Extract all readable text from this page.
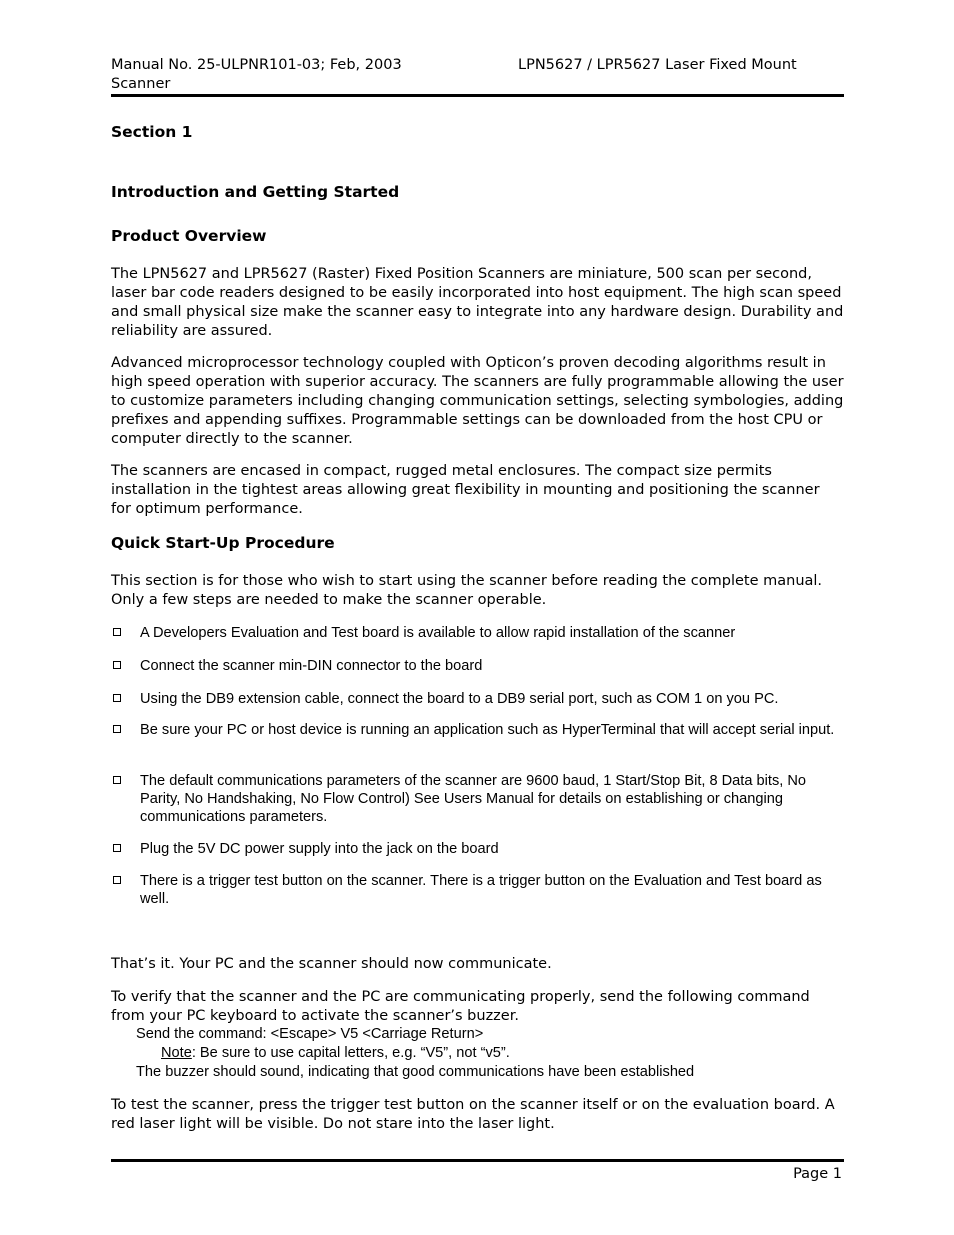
Manual No. 25-ULPNR101-03; Feb, 2003
Scanner
LPN5627 / LPR5627 Laser Fixed Mount
Section 1
Introduction and Getting Started
Product Overview
The LPN5627 and LPR5627 (Raster) Fixed Position Scanners are miniature, 500 scan per second, laser bar code readers designed to be easily incorporated into host equipment. The high scan speed and small physical size make the scanner easy to integrate into any hardware design. Durability and reliability are assured.
Advanced microprocessor technology coupled with Opticon’s proven decoding algorithms result in high speed operation with superior accuracy. The scanners are fully programmable allowing the user to customize parameters including changing communication settings, selecting symbologies, adding prefixes and appending suffixes. Programmable settings can be downloaded from the host CPU or computer directly to the scanner.
The scanners are encased in compact, rugged metal enclosures. The compact size permits installation in the tightest areas allowing great flexibility in mounting and positioning the scanner for optimum performance.
Quick Start-Up Procedure
This section is for those who wish to start using the scanner before reading the complete manual. Only a few steps are needed to make the scanner operable.
A Developers Evaluation and Test board is available to allow rapid installation of the scanner
Connect the scanner min-DIN connector to the board
Using the DB9 extension cable, connect the board to a DB9 serial port, such as COM 1 on you PC.
Be sure your PC or host device is running an application such as HyperTerminal that will accept serial input.
The default communications parameters of the scanner are 9600 baud, 1 Start/Stop Bit, 8 Data bits, No Parity, No Handshaking, No Flow Control) See Users Manual for details on establishing or changing communications parameters.
Plug the 5V DC power supply into the jack on the board
There is a trigger test button on the scanner. There is a trigger button on the Evaluation and Test board as well.
That’s it. Your PC and the scanner should now communicate.
To verify that the scanner and the PC are communicating properly, send the following command from your PC keyboard to activate the scanner’s buzzer.
Send the command: <Escape> V5 <Carriage Return>
Note: Be sure to use capital letters, e.g. “V5”, not “v5”.
The buzzer should sound, indicating that good communications have been established
To test the scanner, press the trigger test button on the scanner itself or on the evaluation board. A red laser light will be visible. Do not stare into the laser light.
Page 1
